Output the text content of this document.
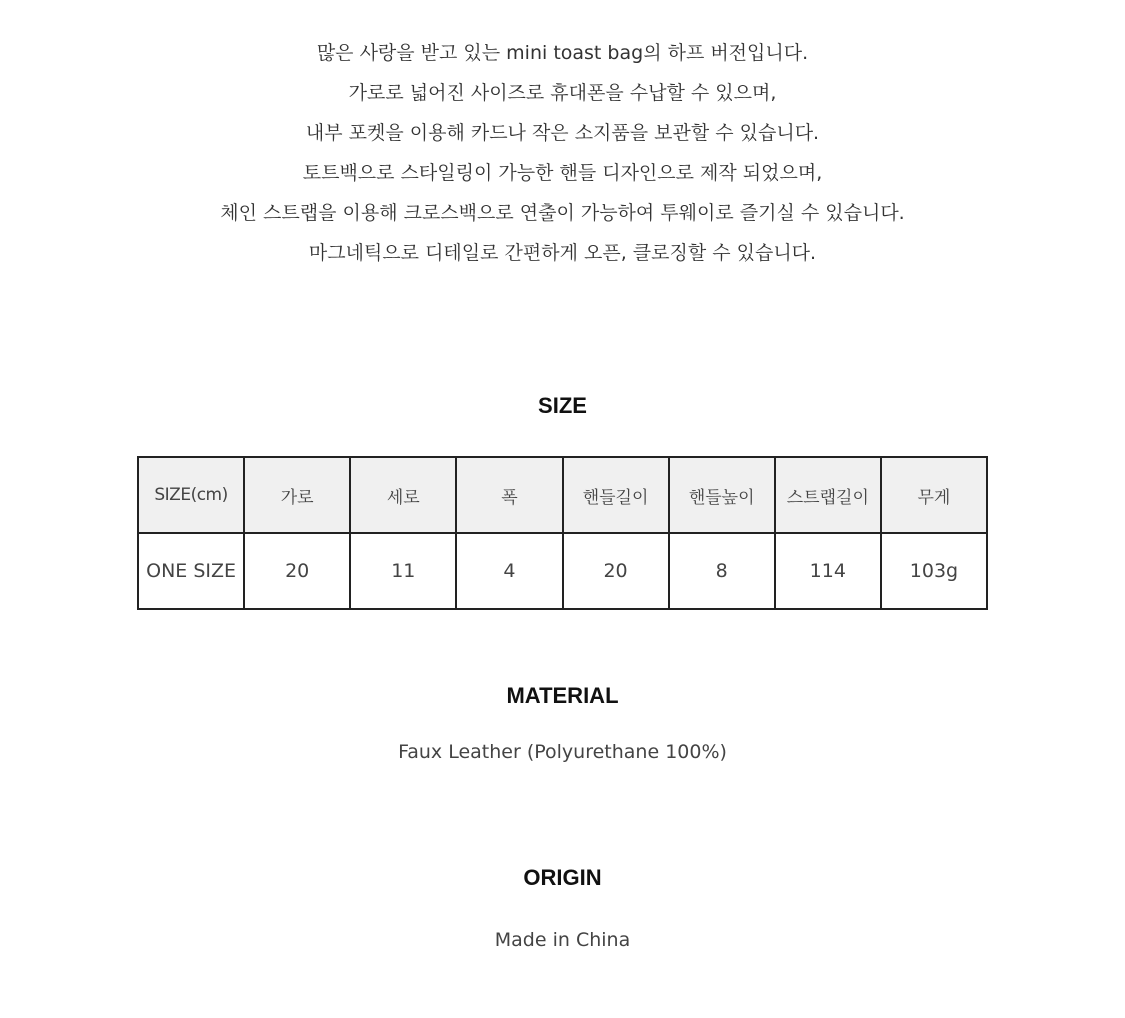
많은 사랑을 받고 있는 mini toast bag의 하프 버전입니다.
가로로 넓어진 사이즈로 휴대폰을 수납할 수 있으며,
내부 포켓을 이용해 카드나 작은 소지품을 보관할 수 있습니다.
토트백으로 스타일링이 가능한 핸들 디자인으로 제작 되었으며,
체인 스트랩을 이용해 크로스백으로 연출이 가능하여 투웨이로 즐기실 수 있습니다.
마그네틱으로 디테일로 간편하게 오픈, 클로징할 수 있습니다.
SIZE
SIZE(cm)	가로	세로	폭	핸들길이	핸들높이	스트랩길이	무게
ONE SIZE	20	11	4	20	8	114	103g
MATERIAL
Faux Leather (Polyurethane 100%)
ORIGIN
Made in China
